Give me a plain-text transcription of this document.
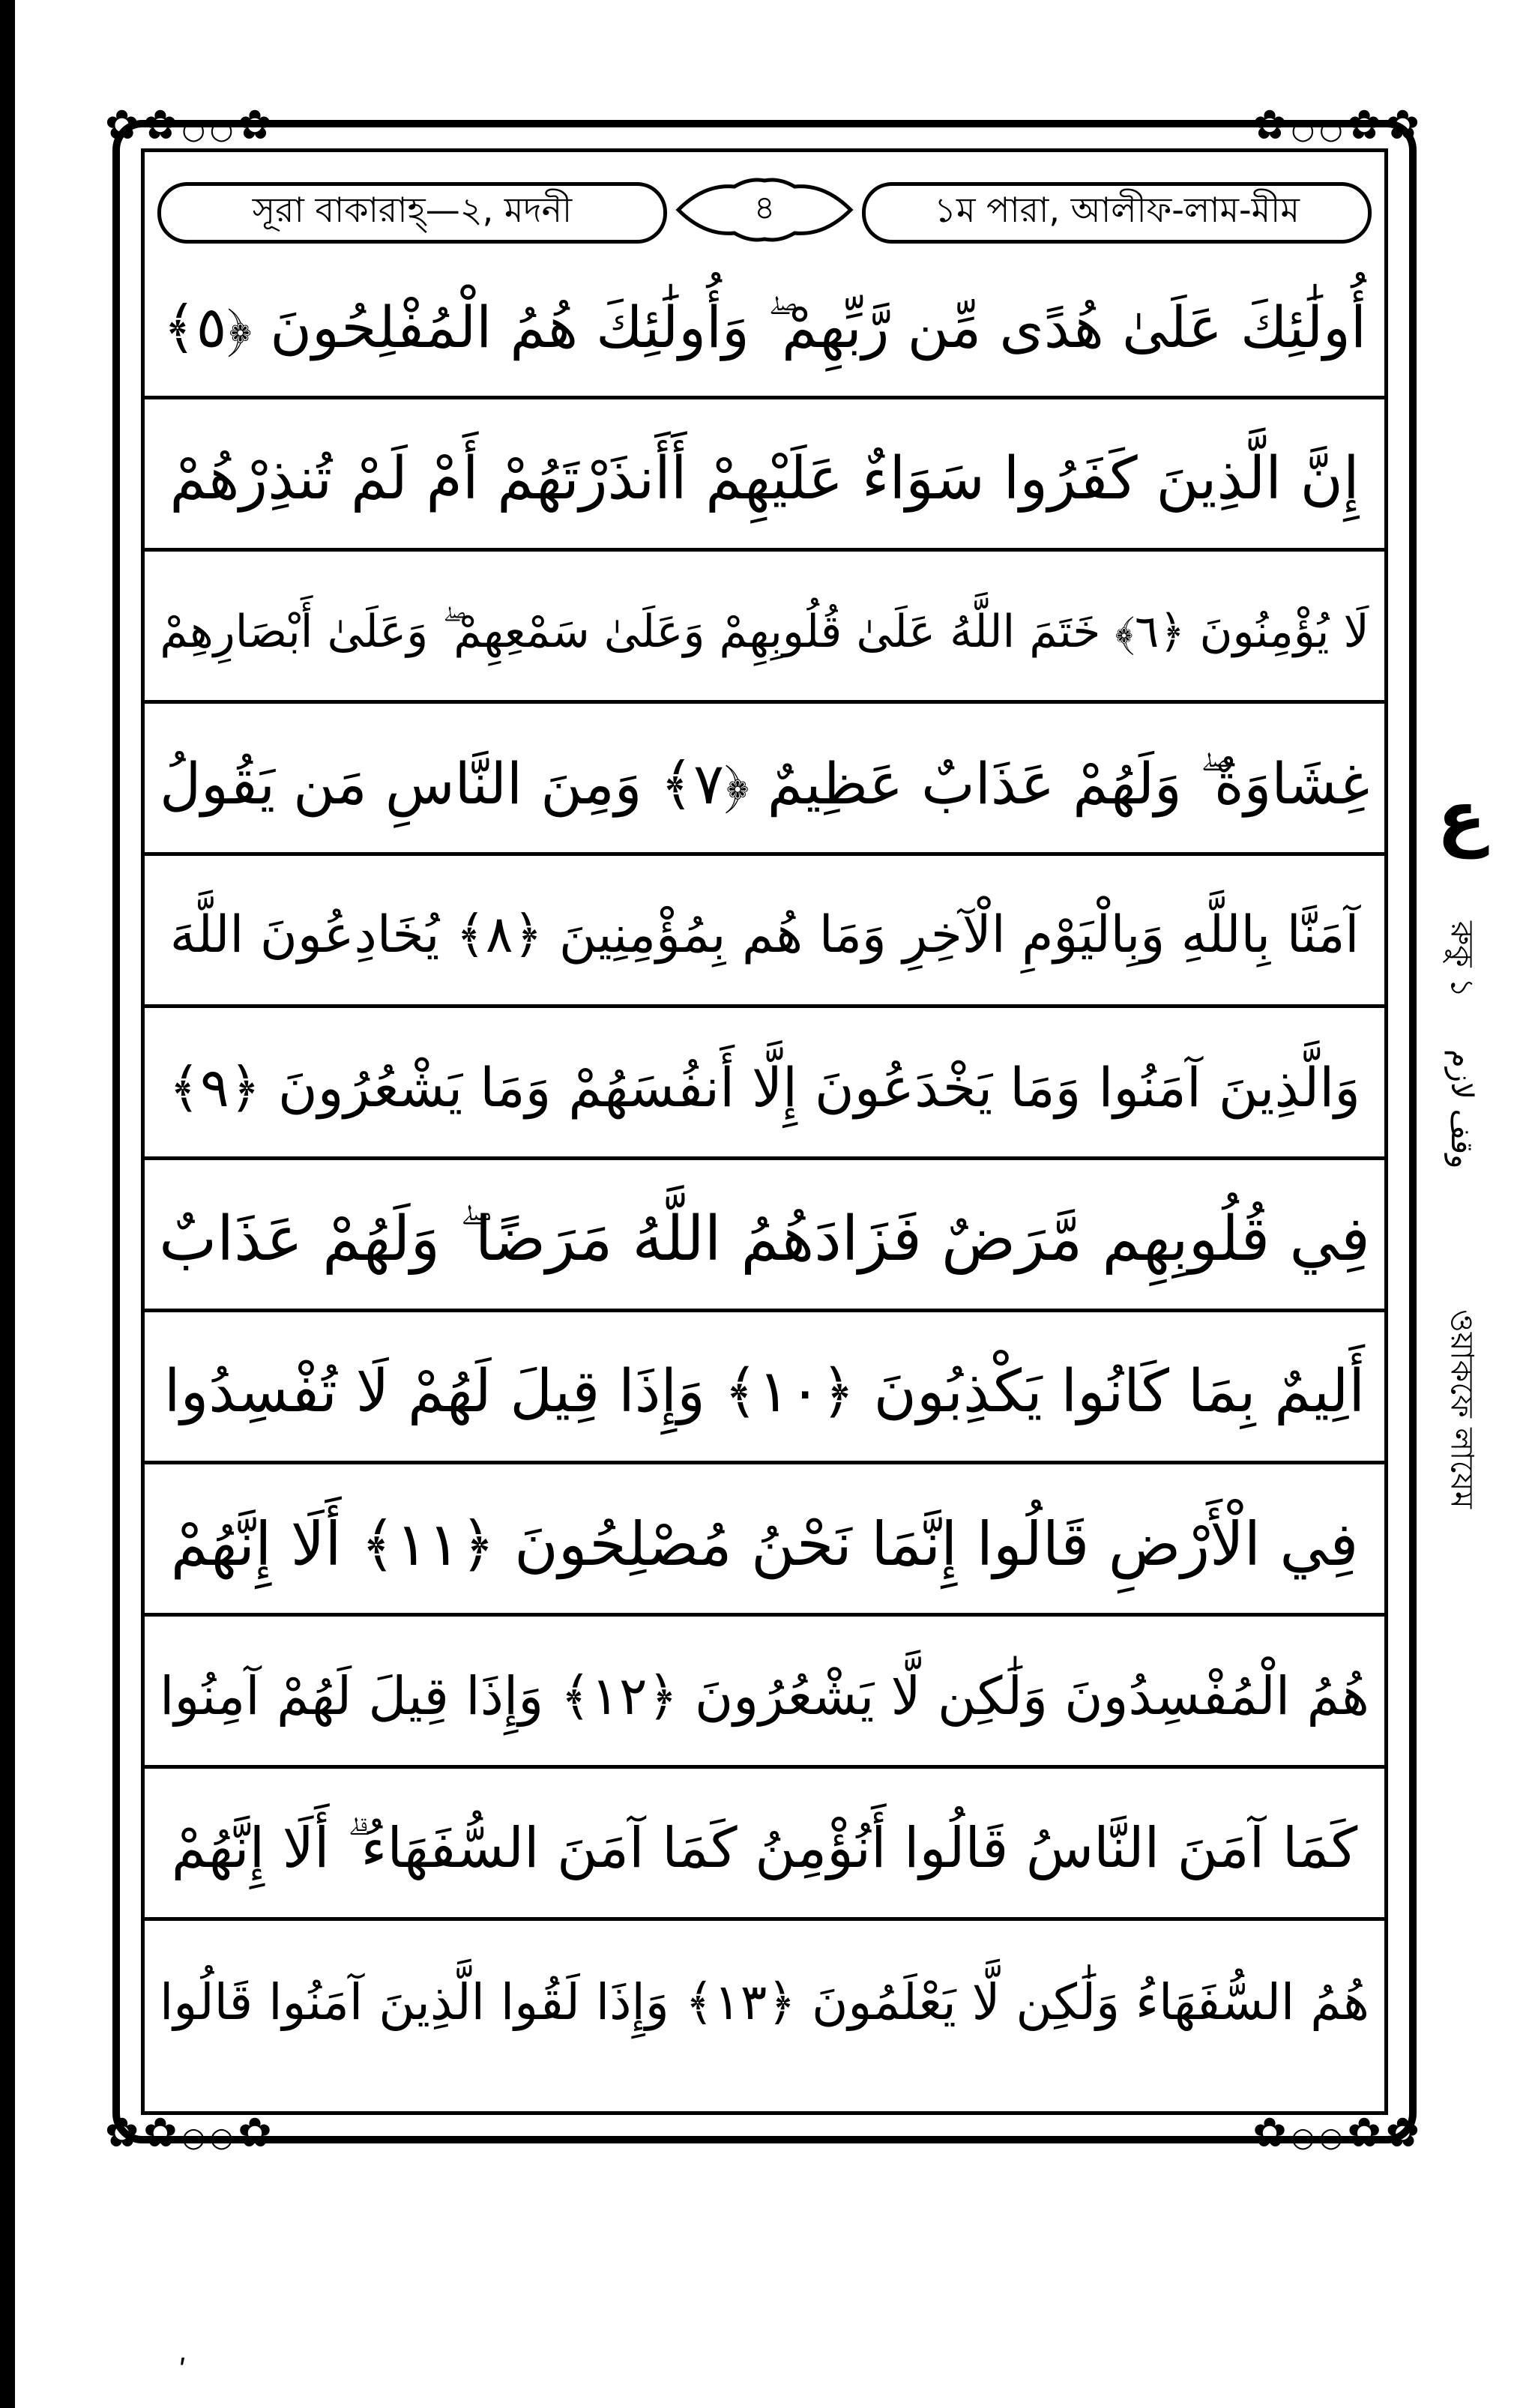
✿✿○○✿	✿○○✿✿
✿✿○○✿	✿○○✿✿
সূরা বাকারাহ্—২, মদনী	৪	১ম পারা, আলীফ-লাম-মীম
أُولَٰئِكَ عَلَىٰ هُدًى مِّن رَّبِّهِمْ ۖ وَأُولَٰئِكَ هُمُ الْمُفْلِحُونَ ﴿٥﴾
إِنَّ الَّذِينَ كَفَرُوا سَوَاءٌ عَلَيْهِمْ أَأَنذَرْتَهُمْ أَمْ لَمْ تُنذِرْهُمْ
لَا يُؤْمِنُونَ ﴿٦﴾ خَتَمَ اللَّهُ عَلَىٰ قُلُوبِهِمْ وَعَلَىٰ سَمْعِهِمْ ۖ وَعَلَىٰ أَبْصَارِهِمْ
غِشَاوَةٌ ۖ وَلَهُمْ عَذَابٌ عَظِيمٌ ﴿٧﴾ وَمِنَ النَّاسِ مَن يَقُولُ
آمَنَّا بِاللَّهِ وَبِالْيَوْمِ الْآخِرِ وَمَا هُم بِمُؤْمِنِينَ ﴿٨﴾ يُخَادِعُونَ اللَّهَ
وَالَّذِينَ آمَنُوا وَمَا يَخْدَعُونَ إِلَّا أَنفُسَهُمْ وَمَا يَشْعُرُونَ ﴿٩﴾
فِي قُلُوبِهِم مَّرَضٌ فَزَادَهُمُ اللَّهُ مَرَضًا ۖ وَلَهُمْ عَذَابٌ
أَلِيمٌ بِمَا كَانُوا يَكْذِبُونَ ﴿١٠﴾ وَإِذَا قِيلَ لَهُمْ لَا تُفْسِدُوا
فِي الْأَرْضِ قَالُوا إِنَّمَا نَحْنُ مُصْلِحُونَ ﴿١١﴾ أَلَا إِنَّهُمْ
هُمُ الْمُفْسِدُونَ وَلَٰكِن لَّا يَشْعُرُونَ ﴿١٢﴾ وَإِذَا قِيلَ لَهُمْ آمِنُوا
كَمَا آمَنَ النَّاسُ قَالُوا أَنُؤْمِنُ كَمَا آمَنَ السُّفَهَاءُ ۗ أَلَا إِنَّهُمْ
هُمُ السُّفَهَاءُ وَلَٰكِن لَّا يَعْلَمُونَ ﴿١٣﴾ وَإِذَا لَقُوا الَّذِينَ آمَنُوا قَالُوا
ع
রুকু ১
وقف لازم
ওয়াকফে লাযেম
ʹ
